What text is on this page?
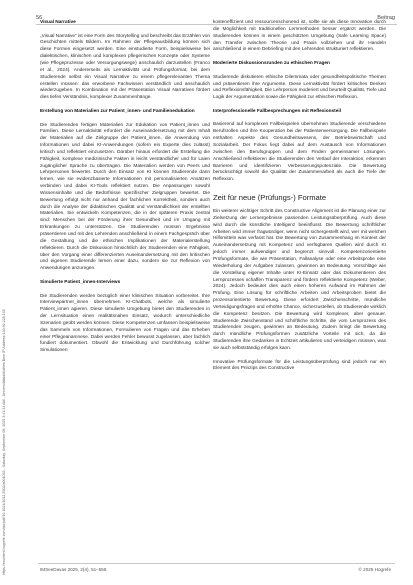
https://econtent.hogrefe.com/doi/pdf/10.1024/1012-5302/a001033 - Saturday, September 06, 2025 3:41:31 AM - Universitätsbibliothek Bern IP Address:130.92.228.148
56	Beitrag

Visual Narrative

„Visual Narrative“ ist eine Form des Storytelling und beschreibt das Erzählen von Geschichten mittels Bildern. Im Rahmen der Pflegeausbildung können sich diese Formen eingesetzt werden. Eine einstudierte Form, beispielsweise bei dialektischen, klinischen und komplexen pflegerischen Konzepte oder Systeme (wie Pflegeprozesse oder Versorgungswege) anschaulich darzustellen (Franco et al., 2024). Andererseits als Lernaktivität und Prüfungsformat, bei dem Studierende selbst ein Visual Narrative zu einem pflegerelevanten Thema erstellen müssen: das erworbene Fachwissen verständlich und anschaulich wiederzugeben. In Kombination mit der Präsentation Visual Narratives fördert dies tiefes Verständnis, komplexer Zusammenhänge.

Erstellung von Materialien zur Patient_innen- und Familienedukation

Die Studierenden fertigen Materialien zur Edukation von Patient_innen und Familien. Diese Lernaktivität erfordert die Auseinandersetzung mit dem Inhalt der Materialien auf die Zielgruppe der Patient_innen, die Anwendung von Informationen und dabei KI-Anwendungen (sofern ein Experte dies zulässt) kritisch und reflektiert einzusetzen. Darüber hinaus erfordert die Erstellung die Fähigkeit, komplexe medizinische Fakten in leicht verständlicher und für Laien zugänglicher Sprache zu übertragen. Die Materialien werden von Peers und Lehrpersonen bewertet. Durch den Einsatz von KI können Studierende dann lernen, wie sie evidenzbasierte Informationen mit personalisierten Ansätzen verbinden und dabei KI-Tools reflektiert nutzen. Die Anpassungen sowohl Wissensinhalte und die Bedürfnisse spezifischer Zielgruppen bewertet. Die Bewertung erfolgt nicht nur anhand der fachlichen Korrektheit, sondern auch durch die Analyse der didaktischen Qualität und Verständlichkeit der erstellten Materialien. Sie entwickeln Kompetenzen, die in der späteren Praxis zentral sind: Menschen bei der Förderung ihrer Gesundheit und im Umgang mit Erkrankungen zu unterstützen. Die Studierenden müssen Ergebnisse präsentieren und mit den Lehrenden anschließend in einem Fachgespräch über die Gestaltung und die ethischen Implikationen der Materialerstellung reflektieren. Durch die Diskussion hinsichtlich der Studierenden eine Fähigkeit, über den Vorgang einer differenzierten Auseinandersetzung mit den kritischen und eigenen Studierende lernen einer dazu, sondern sie zur Reflexion von Anwendungen anzuregen.

Simulierte Patient_innen-Interviews

Die Studierenden werden bezüglich einer klinischen Situation vorbereitet. Ihre Interviewpartner_innen übernehmen KI-Chatbots, welche als simulierte Patient_innen agieren. Diese simulierte Umgebung bietet den Studierenden in der Lernsituation einen realitätsnahen Einsatz, wodurch unterschiedliche Szenarien geübt werden können. Diese Kompetenzen umfassen beispielsweise das Sammeln von Informationen, Formulieren von Fragen und das Erheben einer Pflegeanamnese. Dabei werden Fehler bewusst zugelassen, aber fachlich fundiert dokumentiert. Obwohl die Entwicklung und Durchführung solcher Simulationen

kosteneffizient und ressourcenschonend ist, sollte sie als diese Innovation durch die Möglichkeit mit traditionellen Lernmethoden besser ergänzt werden. Die Studierenden können in einem geschützten Umgebung (Safe Learning Space) den Transfer zwischen Theorie und Praxis vollziehen und ihr Handeln anschließend in einem Debriefing mit den Lehrenden strukturiert reflektieren.

Moderierte Diskussionsrunden zu ethischen Fragen

Studierende diskutieren ethische Dilemmata oder gesundheitspolitische Themen und präsentieren ihre Argumente. Diese Lernaktivität fördert kritisches Denken und Reflexionsfähigkeit. Die Lehrperson moderiert und beurteilt Qualität, Tiefe und Logik der Argumentation sowie die Fähigkeit zur ethischen Reflexion.

Interprofessionelle Fallbesprechungen mit Reflexionsteil

Basierend auf komplexen Fallbeispielen übernehmen Studierende verschiedene Berufsrollen und ihre Kooperation bei der Patientenversorgung. Die Fallbeispiele enthalten Aspekte des Gesundheitswesens, der Betriebswirtschaft und Sozialarbeit. Der Fokus liegt dabei auf dem Austausch von Informationen zwischen den Berufsgruppen und dem Finden gemeinsamer Lösungen. Anschließend reflektieren die Studierenden den Verlauf der Interaktion, erkennen Barrieren und identifizieren Verbesserungspotenziale. Die Bewertung berücksichtigt sowohl die Qualität der Zusammenarbeit als auch die Tiefe der Reflexion.

Zeit für neue (Prüfungs-) Formate

Ein weiterer wichtiger Schritt des Constructive Alignment ist die Planung einer zur Zielsetzung der Lernergebnisse passenden Leistungsüberprüfung. Auch diese wird durch die künstliche Intelligenz beeinflusst. Die Bewertung schriftlicher Arbeiten wird immer fragwürdiger, wenn nicht sichergestellt wird, wer mit welchen Hilfsmitteln was verfasst hat. Die Bewertung von Zusammenhang im Kontext der Auseinandersetzung mit Kompetenz und verfügbaren Quellen wird durch KI jedoch immer aufwendiger und begrenzt sinnvoll. Kompetenzorientierte Prüfungsformate, die wie Präsentation, Fallanalyse oder eine Arbeitsprobe eine Wiederholung der Aufgaben zulassen, gewinnen an Bedeutung. Vorschläge wie die Vorstellung eigener Inhalte unter KI-Einsatz oder das Dokumentieren des Lernprozesses schaffen Transparenz und fördern reflektierte Kompetenz (Weber, 2024). Jedoch bedeutet dies auch einen höheren Aufwand im Rahmen der Prüfung. Eine Lösung für schriftliche Arbeiten und Arbeitsproben bietet die prozessorientierte Bewertung. Diese erfordert Zwischenschritte, mündliche Verteidigungsfragen und erhöhte Chance, sicherzustellen, ob Studierende wirklich die Kompetenz besitzen. Die Bewertung wird komplexer, aber genauer. Studierende Zwischenstand und schriftliche Schritte, die vom Lernprozess des Studierenden zeugen, gewinnen an Bedeutung. Zudem bringt die Bewertung durch mündliche Prüfungsformen zusätzliche Vorteile mit sich, da die Studierenden ihre Gedanken in Echtzeit artikulieren und verteidigen müssen, was sie auch selbstständig erfolgen kann.

Innovative Prüfungsformate für die Leistungsüberprüfung sind jedoch nur ein Element des Prinzips des Constructive

IMSeeDavas 2025, 2(4), 51–558	© 2025 Hogrefe
